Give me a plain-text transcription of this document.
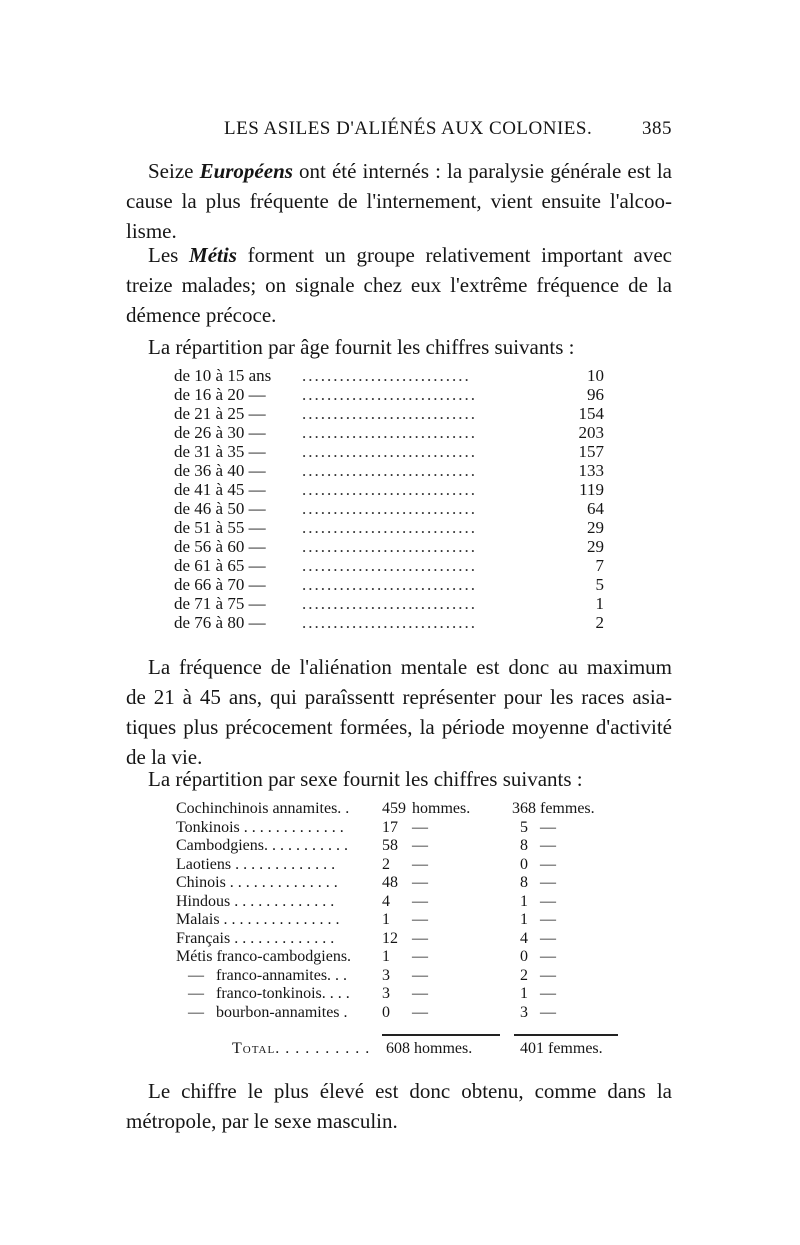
LES ASILES D'ALIÉNÉS AUX COLONIES.	385
Seize Européens ont été internés : la paralysie générale est la
cause la plus fréquente de l'internement, vient ensuite l'alcoo-
lisme.
Les Métis forment un groupe relativement important avec
treize malades; on signale chez eux l'extrême fréquence de la
démence précoce.
La répartition par âge fournit les chiffres suivants :
de 10 à 15 ans ...........................	10
de 16 à 20 — ............................	96
de 21 à 25 — ............................	154
de 26 à 30 — ............................	203
de 31 à 35 — ............................	157
de 36 à 40 — ............................	133
de 41 à 45 — ............................	119
de 46 à 50 — ............................	64
de 51 à 55 — ............................	29
de 56 à 60 — ............................	29
de 61 à 65 — ............................	7
de 66 à 70 — ............................	5
de 71 à 75 — ............................	1
de 76 à 80 — ............................	2
La fréquence de l'aliénation mentale est donc au maximum
de 21 à 45 ans, qui paraîssentt représenter pour les races asia-
tiques plus précocement formées, la période moyenne d'activité
de la vie.
La répartition par sexe fournit les chiffres suivants :
Cochinchinois annamites. .	459 hommes.	368 femmes.
Tonkinois . . . . . . . . . . . . .	17 —	5 —
Cambodgiens. . . . . . . . . . .	58 —	8 —
Laotiens . . . . . . . . . . . . .	2	—	0 —
Chinois . . . . . . . . . . . . . .	48 —	8 —
Hindous . . . . . . . . . . . . .	4	—	1 —
Malais . . . . . . . . . . . . . . .	1	—	1 —
Français . . . . . . . . . . . . .	12 —	4 —
Métis franco-cambodgiens.	1	—	0 —
—   franco-annamites. . .	3	—	2 —
—   franco-tonkinois. . . .	3	—	1 —
—   bourbon-annamites .	0	—	3 —
Total. . . . . . . . . . 608 hommes.	401 femmes.
Le chiffre le plus élevé est donc obtenu, comme dans la
métropole, par le sexe masculin.
